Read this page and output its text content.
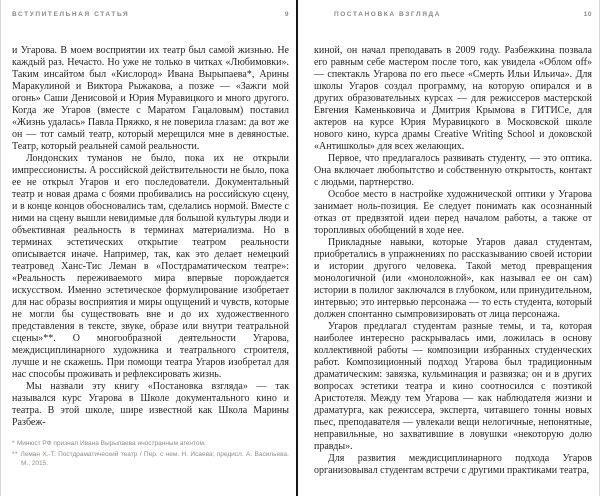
ВСТУПИТЕЛЬНАЯ СТАТЬЯ	9

и Угарова. В моем восприятии их театр был самой жизнью. Не каждый раз. Нечасто. Но уже не только в читках «Любимовки». Таким инсайтом был «Кислород» Ивана Вырыпаева*, Арины Маракулиной и Виктора Рыжакова, а позже — «Зажги мой огонь» Саши Денисовой и Юрия Муравицкого и много другого. Когда же Угаров (вместе с Маратом Гацаловым) поставил «Жизнь удалась» Павла Пряжко, я не поверила глазам: да вот же он — тот самый театр, который мерещился мне в девяностые. Театр, который реальней самой реальности.

Лондонских туманов не было, пока их не открыли импрессионисты. А российской действительности не было, пока ее не открыл Угаров и его последователи. Документальный театр и новая драма с боями пробивались на российскую сцену, и в конце концов обосновались там, сделались нормой. Вместе с ними на сцену вышли невидимые для большой культуры люди и объективная реальность в терминах материализма. Но в терминах эстетических открытие театром реальности описывается иначе. Например, так, как это делает немецкий театровед Ханс-Тис Леман в «Постдраматическом театре»: «Реальность переживаемого мира впервые порождается искусством. Именно эстетическое формулирование изобретает для нас образы восприятия и миры ощущений и чувств, которые не могли бы существовать вне и до их художественного представления в тексте, звуке, образе или внутри театральной сцены»**. О многообразной деятельности Угарова, междисциплинарного художника и театрального строителя, лучше и не скажешь. При помощи театра Угаров изобретал для нас способы проживать и рефлексировать жизнь.

Мы назвали эту книгу «Постановка взгляда» — так назывался курс Угарова в Школе документального кино и театра. В этой школе, шире известной как Школа Марины Разбеж-

* Минюст РФ признал Ивана Вырыпаева иностранным агентом.

** Леман Х.-Т. Постдраматический театр / Пер. с нем. Н. Исаева; предисл. А. Васильева. М., 2015.

ПОСТАНОВКА ВЗГЛЯДА	10

киной, он начал преподавать в 2009 году. Разбежкина позвала его равным себе мастером после того, как увидела «Облом off» — спектакль Угарова по его пьесе «Смерть Ильи Ильича». Для школы Угаров создал программу, на которую опирался и в других образовательных курсах — для режиссеров мастерской Евгения Каменьковича и Дмитрия Крымова в ГИТИСе, для актеров на курсе Юрия Муравицкого в Московской школе нового кино, курса драмы Creative Writing School и доковской «Антишколы» для всех желающих.

Первое, что предлагалось развивать студенту, — это оптика. Она включает любопытство и собственную открытость, контакт с людьми, партнерство.

Особое место в настройке художнической оптики у Угарова занимает ноль-позиция. Ее следует понимать как осознанный отказ от предвзятой идеи перед началом работы, а также от торопливых обобщений в ходе нее.

Прикладные навыки, которые Угаров давал студентам, приобретались в упражнениях по рассказыванию своей истории и истории другого человека. Такой метод превращения монологичной (или «моноложной», как называл ее он сам) истории в полилог заключался в глубоком, или принудительном, интервью; это интервью персонажа — то есть студента, который должен спонтанно сымпровизировать от лица персонажа.

Угаров предлагал студентам разные темы, и та, которая наиболее интересно раскрывалась ими, ложилась в основу коллективной работы — композиции избранных студенческих работ. Композиционный подход Угарова был традиционным драматическим: завязка, кульминация и развязка; он и в других вопросах эстетики театра и кино соотносился с поэтикой Аристотеля. Между тем Угарова — как наблюдателя жизни и драматурга, как режиссера, эксперта, читавшего тонны новых пьес, преподавателя — увлекали вещи нелогичные, непонятные, неправильные, но захватившие в ловушки «некоторую долю правды».

Для развития междисциплинарного подхода Угаров организовывал студентам встречи с другими практиками театра,
